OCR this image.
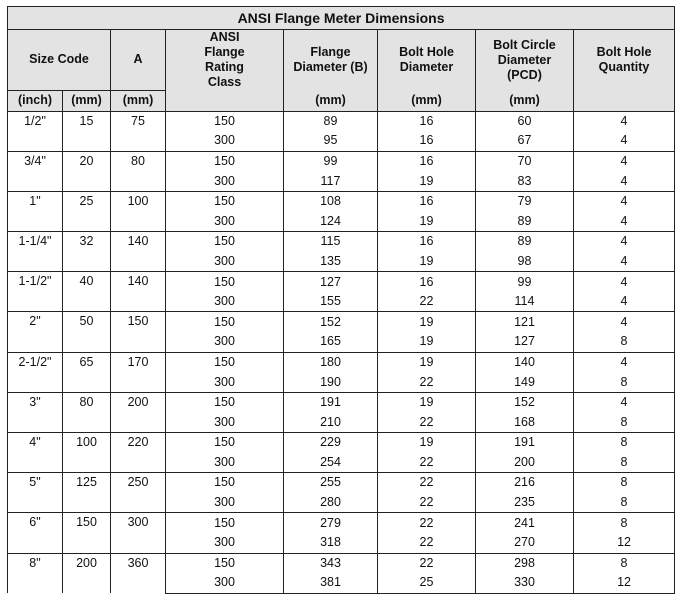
ANSI Flange Meter Dimensions							
Size Code		A	ANSI Flange Rating Class	Flange Diameter (B)	Bolt Hole Diameter	Bolt Circle Diameter (PCD)	Bolt Hole Quantity
(inch)	(mm)	(mm)		(mm)	(mm)	(mm)	
1/2"	15	75	150	89	16	60	4
			300	95	16	67	4
3/4"	20	80	150	99	16	70	4
			300	117	19	83	4
1"	25	100	150	108	16	79	4
			300	124	19	89	4
1-1/4"	32	140	150	115	16	89	4
			300	135	19	98	4
1-1/2"	40	140	150	127	16	99	4
			300	155	22	114	4
2"	50	150	150	152	19	121	4
			300	165	19	127	8
2-1/2"	65	170	150	180	19	140	4
			300	190	22	149	8
3"	80	200	150	191	19	152	4
			300	210	22	168	8
4"	100	220	150	229	19	191	8
			300	254	22	200	8
5"	125	250	150	255	22	216	8
			300	280	22	235	8
6"	150	300	150	279	22	241	8
			300	318	22	270	12
8"	200	360	150	343	22	298	8
			300	381	25	330	12
